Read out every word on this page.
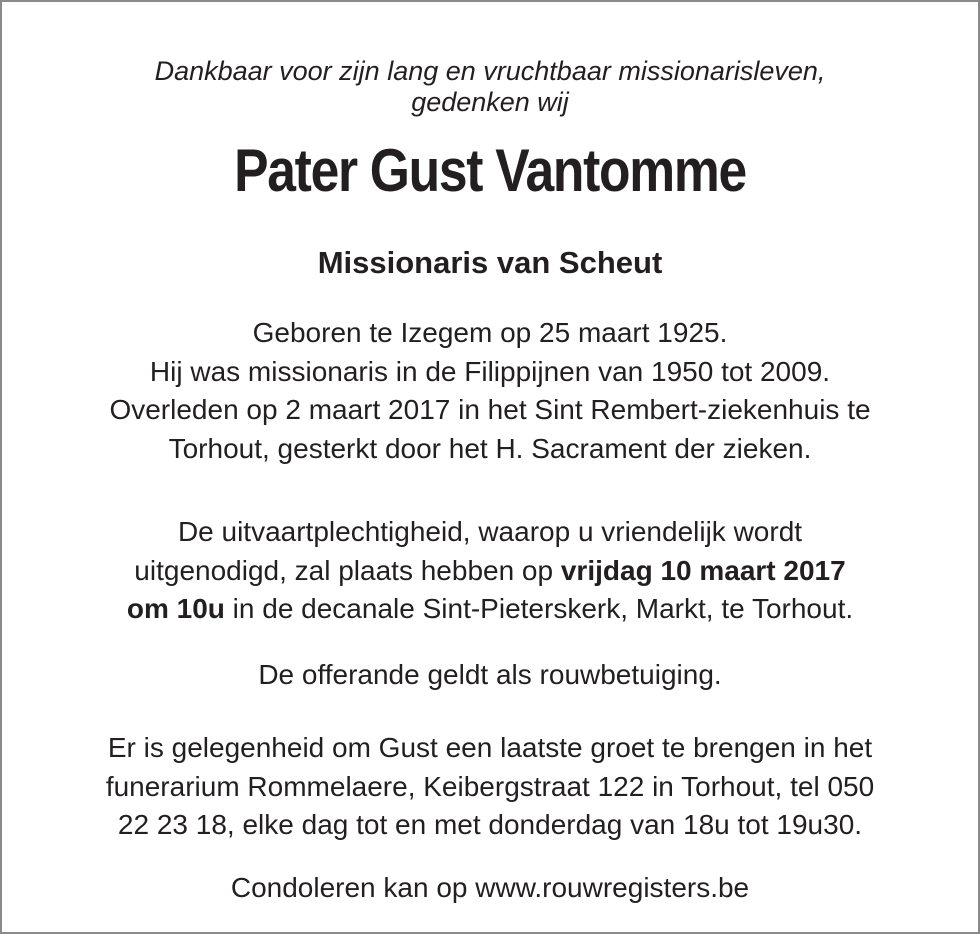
Dankbaar voor zijn lang en vruchtbaar missionarisleven,
gedenken wij
Pater Gust Vantomme
Missionaris van Scheut
Geboren te Izegem op 25 maart 1925.
Hij was missionaris in de Filippijnen van 1950 tot 2009.
Overleden op 2 maart 2017 in het Sint Rembert-ziekenhuis te
Torhout, gesterkt door het H. Sacrament der zieken.
De uitvaartplechtigheid, waarop u vriendelijk wordt
uitgenodigd, zal plaats hebben op vrijdag 10 maart 2017
om 10u in de decanale Sint-Pieterskerk, Markt, te Torhout.
De offerande geldt als rouwbetuiging.
Er is gelegenheid om Gust een laatste groet te brengen in het
funerarium Rommelaere, Keibergstraat 122 in Torhout, tel 050
22 23 18, elke dag tot en met donderdag van 18u tot 19u30.
Condoleren kan op www.rouwregisters.be
